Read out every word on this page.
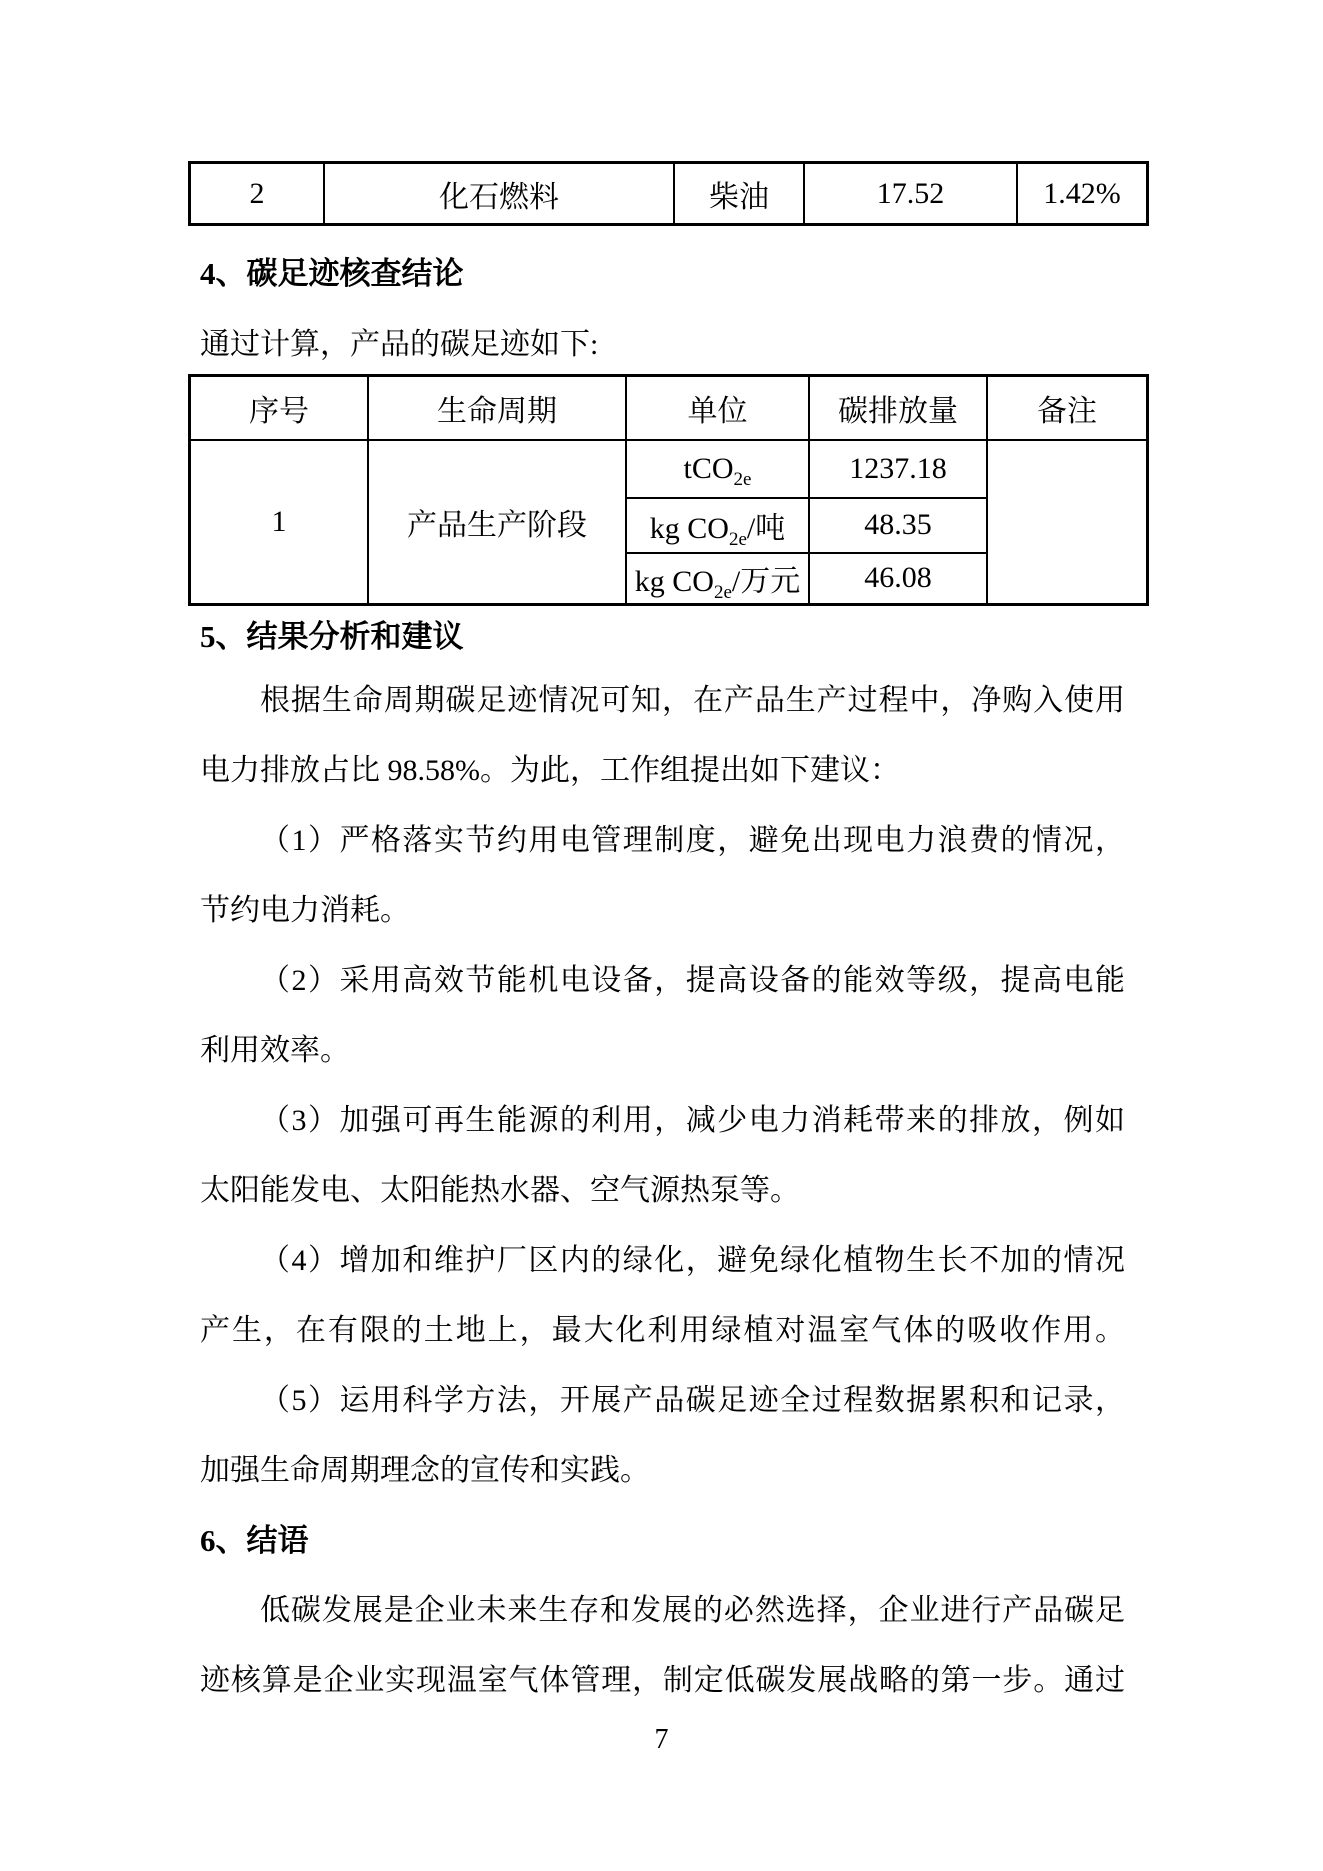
2	化石燃料	柴油	17.52	1.42%
4、碳足迹核查结论
通过计算，产品的碳足迹如下:
序号	生命周期	单位	碳排放量	备注
1	产品生产阶段	tCO$_{2e}$	1237.18	
		kg $CO_{2e}/$吨	48.35	
		kg $CO_{2e}/$万元	46.08	
5、结果分析和建议
根据生命周期碳足迹情况可知，在产品生产过程中，净购入使用
电力排放占比 98.58%。为此，工作组提出如下建议：
（1）严格落实节约用电管理制度，避免出现电力浪费的情况，
节约电力消耗。
（2）采用高效节能机电设备，提高设备的能效等级，提高电能
利用效率。
（3）加强可再生能源的利用，减少电力消耗带来的排放，例如
太阳能发电、太阳能热水器、空气源热泵等。
（4）增加和维护厂区内的绿化，避免绿化植物生长不加的情况
产生，在有限的土地上，最大化利用绿植对温室气体的吸收作用。
（5）运用科学方法，开展产品碳足迹全过程数据累积和记录，
加强生命周期理念的宣传和实践。
6、结语
低碳发展是企业未来生存和发展的必然选择，企业进行产品碳足
迹核算是企业实现温室气体管理，制定低碳发展战略的第一步。通过
7
